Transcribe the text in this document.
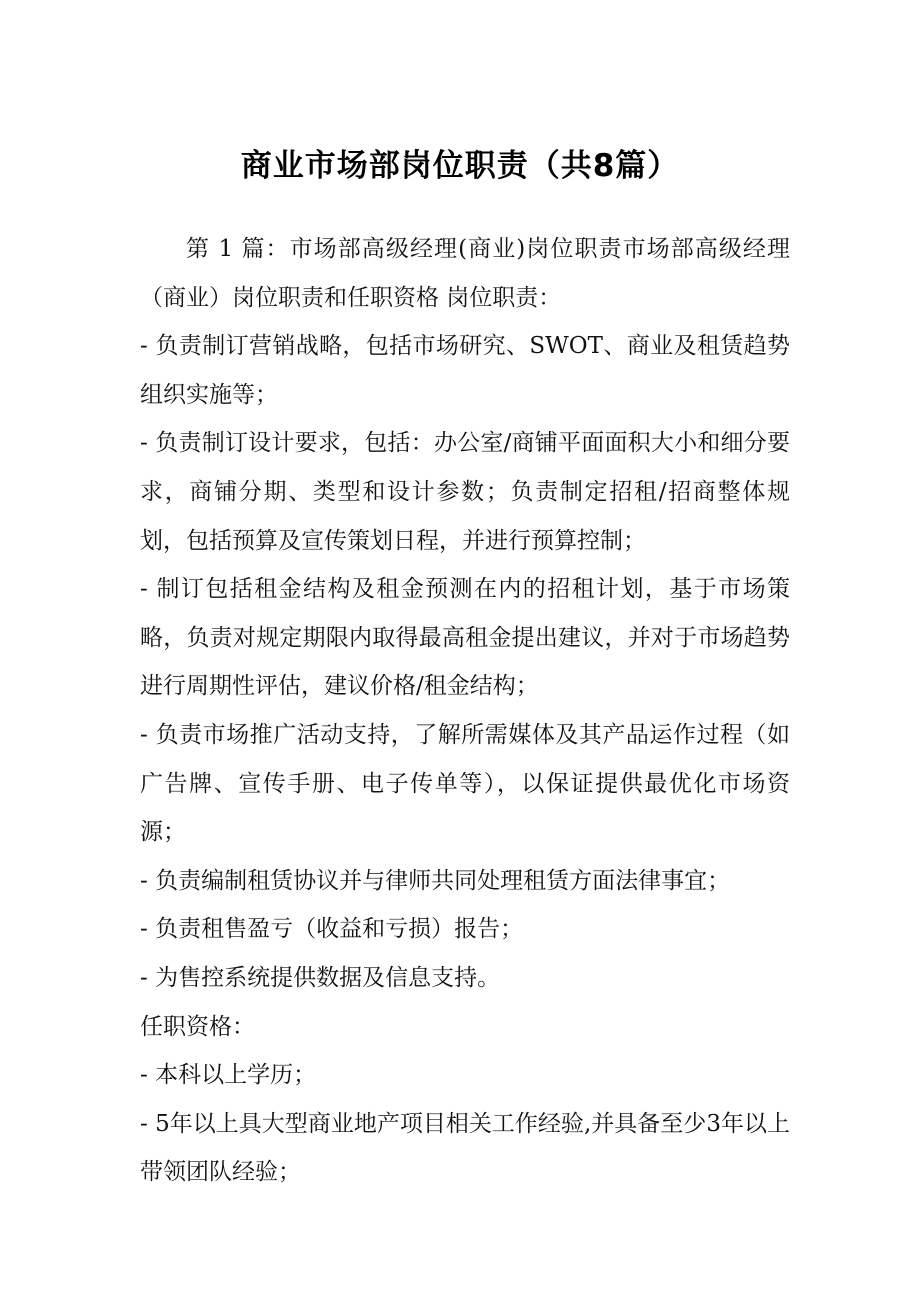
商业市场部岗位职责（共8篇）

第 1 篇：市场部高级经理(商业)岗位职责市场部高级经理（商业）岗位职责和任职资格 岗位职责：

- 负责制订营销战略，包括市场研究、SWOT、商业及租赁趋势组织实施等；

- 负责制订设计要求，包括：办公室/商铺平面面积大小和细分要求，商铺分期、类型和设计参数；负责制定招租/招商整体规划，包括预算及宣传策划日程，并进行预算控制；

- 制订包括租金结构及租金预测在内的招租计划，基于市场策略，负责对规定期限内取得最高租金提出建议，并对于市场趋势进行周期性评估，建议价格/租金结构；

- 负责市场推广活动支持，了解所需媒体及其产品运作过程（如广告牌、宣传手册、电子传单等），以保证提供最优化市场资源；

- 负责编制租赁协议并与律师共同处理租赁方面法律事宜；

- 负责租售盈亏（收益和亏损）报告；

- 为售控系统提供数据及信息支持。

任职资格：

- 本科以上学历；

- 5年以上具大型商业地产项目相关工作经验,并具备至少3年以上带领团队经验；
